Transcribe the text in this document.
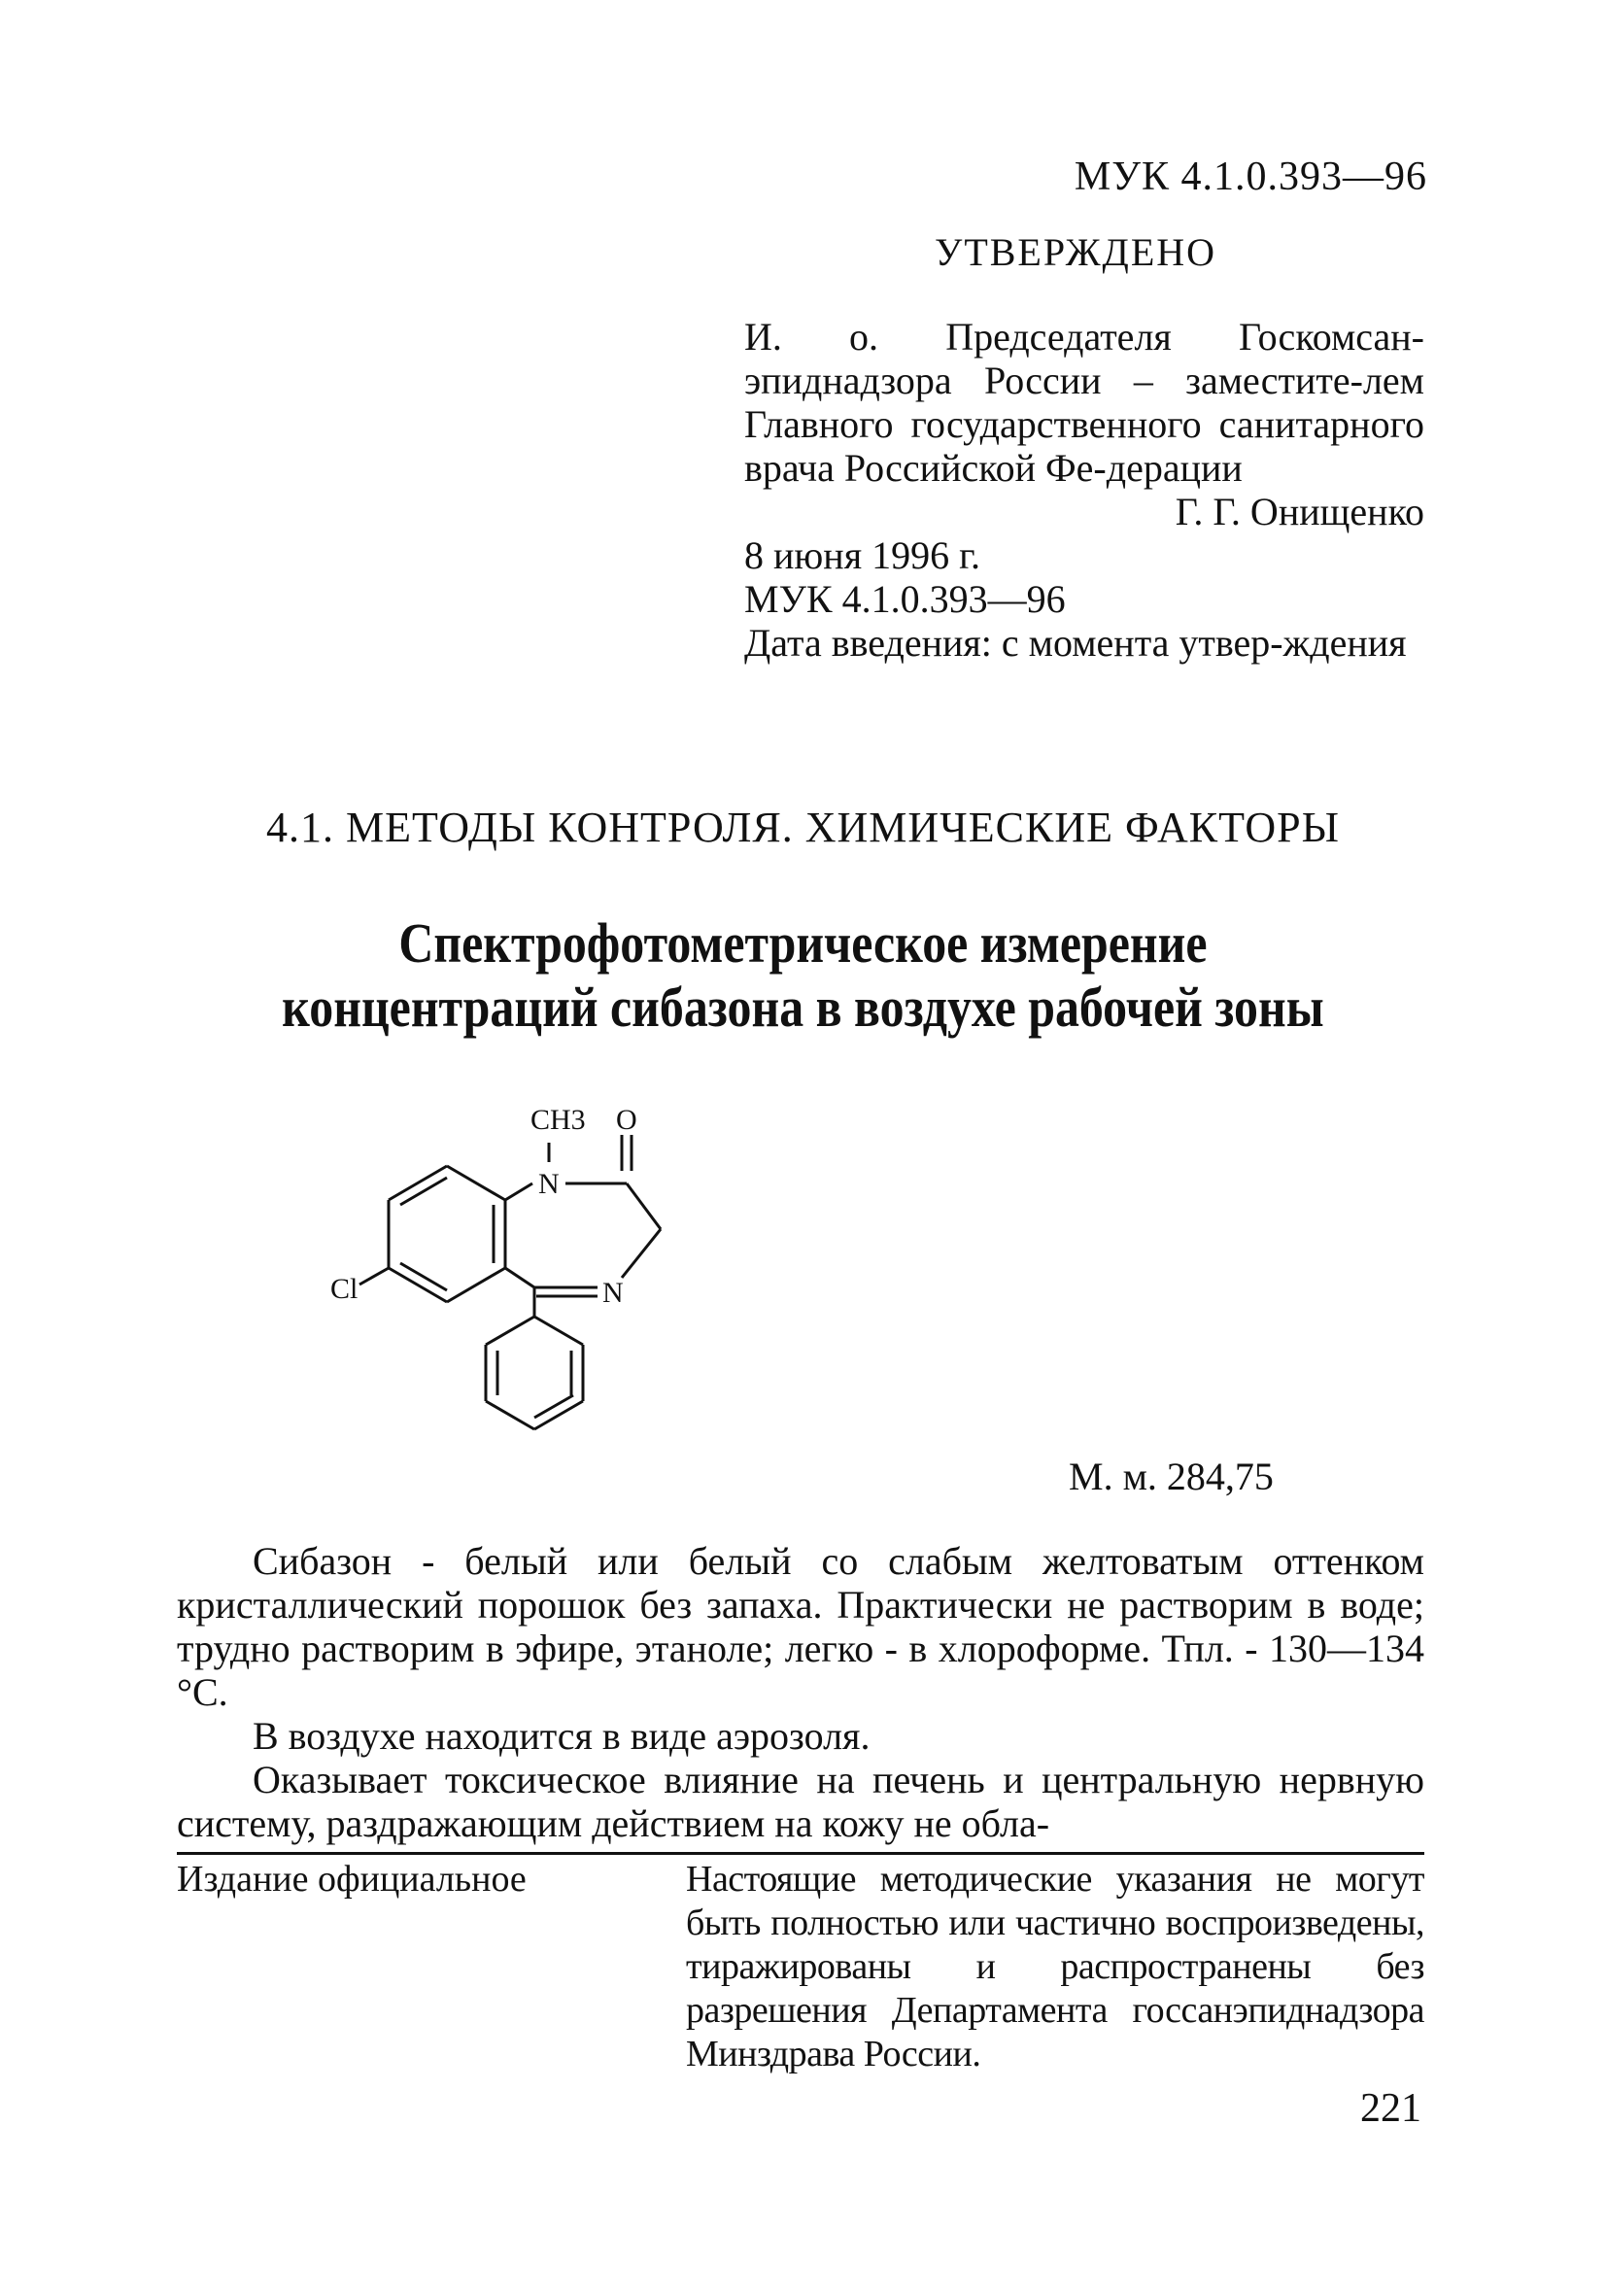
МУК 4.1.0.393—96
УТВЕРЖДЕНО

И. о. Председателя Госкомсан-эпиднадзора России – заместите-лем Главного государственного санитарного врача Российской Фе-дерации

Г. Г. Онищенко

8 июня 1996 г.

МУК 4.1.0.393—96

Дата введения: с момента утвер-ждения

4.1. МЕТОДЫ КОНТРОЛЯ. ХИМИЧЕСКИЕ ФАКТОРЫ
Спектрофотометрическое измерение
концентраций сибазона в воздухе рабочей зоны
CH3 O
N
N
Cl
М. м. 284,75

Сибазон - белый или белый со слабым желтоватым оттенком кристаллический порошок без запаха. Практически не растворим в воде; трудно растворим в эфире, этаноле; легко - в хлороформе. Тпл. - 130—134 °С.

В воздухе находится в виде аэрозоля.

Оказывает токсическое влияние на печень и центральную нервную систему, раздражающим действием на кожу не обла-

Издание официальное	Настоящие методические указания не могут быть полностью или частично воспроизведены, тиражированы и распространены без разрешения Департамента госсанэпиднадзора Минздрава России.
221
